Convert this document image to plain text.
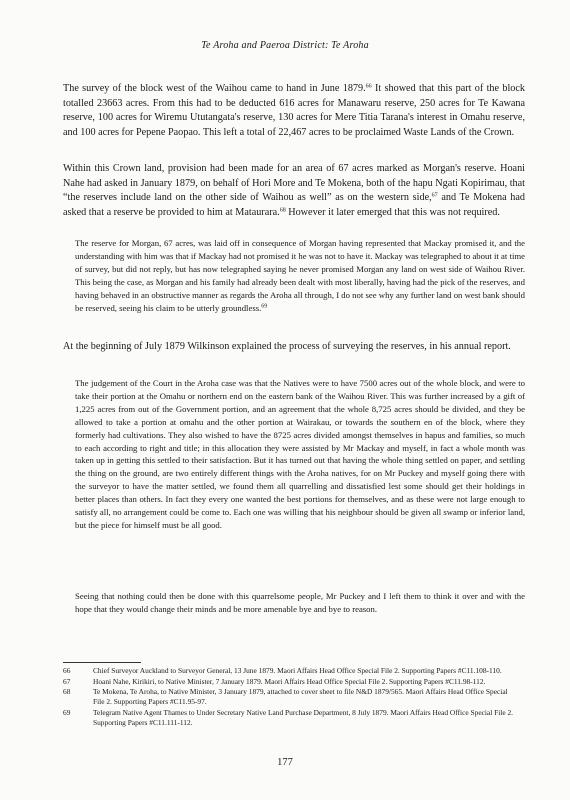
Te Aroha and Paeroa District: Te Aroha

The survey of the block west of the Waihou came to hand in June 1879.66 It showed that this part of the block totalled 23663 acres. From this had to be deducted 616 acres for Manawaru reserve, 250 acres for Te Kawana reserve, 100 acres for Wiremu Ututangata's reserve, 130 acres for Mere Titia Tarana's interest in Omahu reserve, and 100 acres for Pepene Paopao. This left a total of 22,467 acres to be proclaimed Waste Lands of the Crown.

Within this Crown land, provision had been made for an area of 67 acres marked as Morgan's reserve. Hoani Nahe had asked in January 1879, on behalf of Hori More and Te Mokena, both of the hapu Ngati Kopirimau, that “the reserves include land on the other side of Waihou as well” as on the western side,$^{67}$ and Te Mokena had asked that a reserve be provided to him at Mataurara.$^{68}$ However it later emerged that this was not required.

The reserve for Morgan, 67 acres, was laid off in consequence of Morgan having represented that Mackay promised it, and the understanding with him was that if Mackay had not promised it he was not to have it. Mackay was telegraphed to about it at time of survey, but did not reply, but has now telegraphed saying he never promised Morgan any land on west side of Waihou River. This being the case, as Morgan and his family had already been dealt with most liberally, having had the pick of the reserves, and having behaved in an obstructive manner as regards the Aroha all through, I do not see why any further land on west bank should be reserved, seeing his claim to be utterly groundless.$^{69}$

At the beginning of July 1879 Wilkinson explained the process of surveying the reserves, in his annual report.

The judgement of the Court in the Aroha case was that the Natives were to have 7500 acres out of the whole block, and were to take their portion at the Omahu or northern end on the eastern bank of the Waihou River. This was further increased by a gift of 1,225 acres from out of the Government portion, and an agreement that the whole 8,725 acres should be divided, and they be allowed to take a portion at omahu and the other portion at Wairakau, or towards the southern en of the block, where they formerly had cultivations. They also wished to have the 8725 acres divided amongst themselves in hapus and families, so much to each according to right and title; in this allocation they were assisted by Mr Mackay and myself, in fact a whole month was taken up in getting this settled to their satisfaction. But it has turned out that having the whole thing settled on paper, and settling the thing on the ground, are two entirely different things with the Aroha natives, for on Mr Puckey and myself going there with the surveyor to have the matter settled, we found them all quarrelling and dissatisfied lest some should get their holdings in better places than others. In fact they every one wanted the best portions for themselves, and as these were not large enough to satisfy all, no arrangement could be come to. Each one was willing that his neighbour should be given all swamp or inferior land, but the piece for himself must be all good.

Seeing that nothing could then be done with this quarrelsome people, Mr Puckey and I left them to think it over and with the hope that they would change their minds and be more amenable bye and bye to reason.

66	Chief Surveyor Auckland to Surveyor General, 13 June 1879. Maori Affairs Head Office Special File 2. Supporting Papers #C11.108-110.
67	Hoani Nahe, Kirikiri, to Native Minister, 7 January 1879. Maori Affairs Head Office Special File 2. Supporting Papers #C11.98-112.
68	Te Mokena, Te Aroha, to Native Minister, 3 January 1879, attached to cover sheet to file N&D 1879/565. Maori Affairs Head Office Special File 2. Supporting Papers #C11.95-97.
69	Telegram Native Agent Thames to Under Secretary Native Land Purchase Department, 8 July 1879. Maori Affairs Head Office Special File 2. Supporting Papers #C11.111-112.
177
